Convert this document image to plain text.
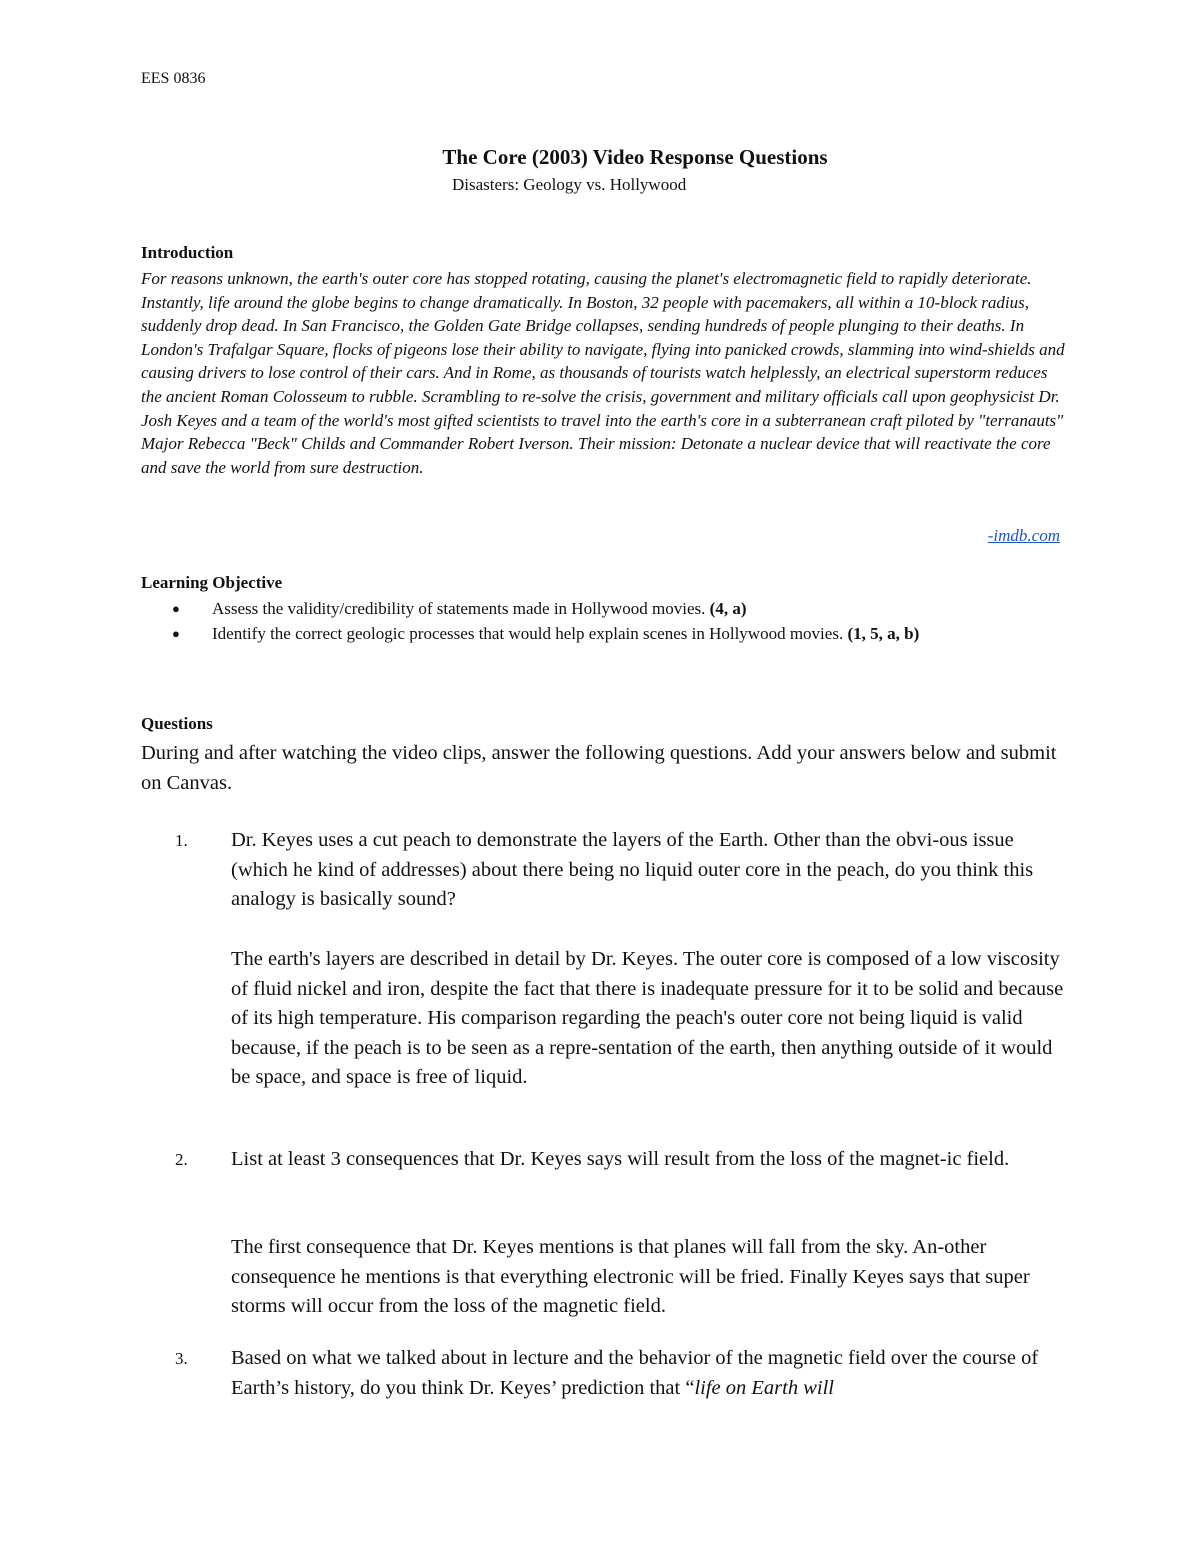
EES 0836
The Core (2003) Video Response Questions
Disasters: Geology vs. Hollywood
Introduction

For reasons unknown, the earth's outer core has stopped rotating, causing the planet's electromagnetic field to rapidly deteriorate. Instantly, life around the globe begins to change dramatically. In Boston, 32 people with pacemakers, all within a 10-block radius, suddenly drop dead. In San Francisco, the Golden Gate Bridge collapses, sending hundreds of people plunging to their deaths. In London's Trafalgar Square, flocks of pigeons lose their ability to navigate, flying into panicked crowds, slamming into wind-shields and causing drivers to lose control of their cars. And in Rome, as thousands of tourists watch helplessly, an electrical superstorm reduces the ancient Roman Colosseum to rubble. Scrambling to re-solve the crisis, government and military officials call upon geophysicist Dr. Josh Keyes and a team of the world's most gifted scientists to travel into the earth's core in a subterranean craft piloted by "terranauts" Major Rebecca "Beck" Childs and Commander Robert Iverson. Their mission: Detonate a nuclear device that will reactivate the core and save the world from sure destruction.

-imdb.com
Learning Objective
● Assess the validity/credibility of statements made in Hollywood movies. (4, a)
● Identify the correct geologic processes that would help explain scenes in Hollywood movies. (1, 5, a, b)
Questions
During and after watching the video clips, answer the following questions. Add your answers below and submit on Canvas.
1. Dr. Keyes uses a cut peach to demonstrate the layers of the Earth. Other than the obvi-ous issue (which he kind of addresses) about there being no liquid outer core in the peach, do you think this analogy is basically sound?
The earth's layers are described in detail by Dr. Keyes. The outer core is composed of a low viscosity of fluid nickel and iron, despite the fact that there is inadequate pressure for it to be solid and because of its high temperature. His comparison regarding the peach's outer core not being liquid is valid because, if the peach is to be seen as a repre-sentation of the earth, then anything outside of it would be space, and space is free of liquid.
2. List at least 3 consequences that Dr. Keyes says will result from the loss of the magnet-ic field.
The first consequence that Dr. Keyes mentions is that planes will fall from the sky. An-other consequence he mentions is that everything electronic will be fried. Finally Keyes says that super storms will occur from the loss of the magnetic field.
3. Based on what we talked about in lecture and the behavior of the magnetic field over the course of Earth’s history, do you think Dr. Keyes’ prediction that “life on Earth will
